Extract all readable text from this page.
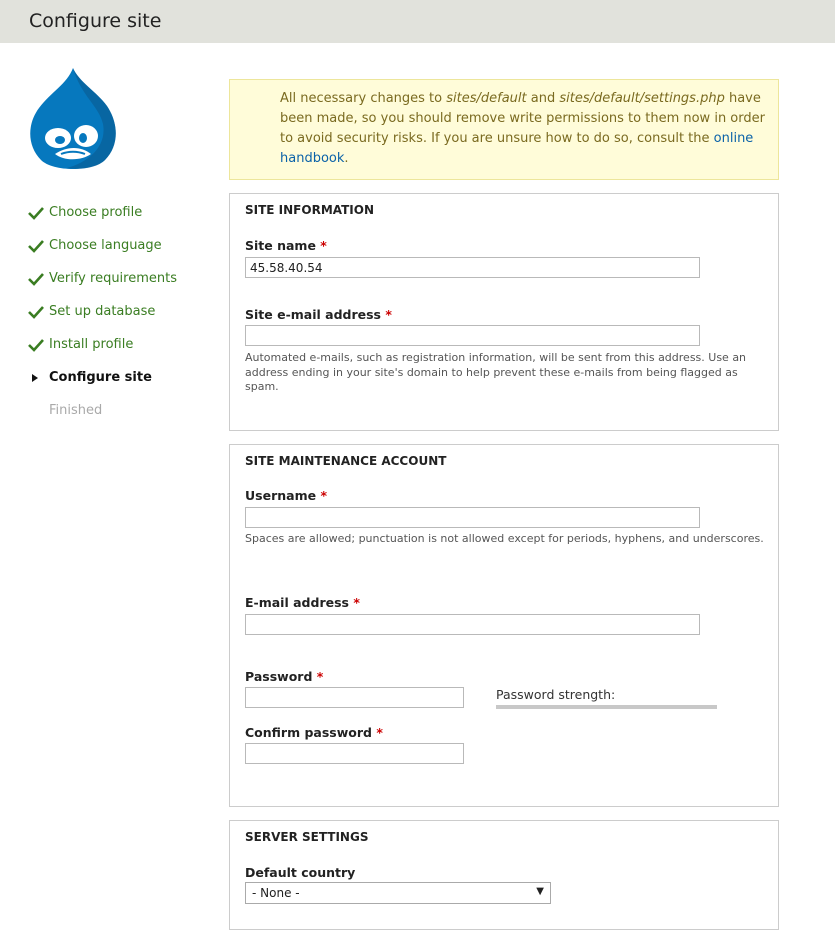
Configure site
Choose profile
Choose language
Verify requirements
Set up database
Install profile
Configure site
Finished
All necessary changes to sites/default and sites/default/settings.php have been made, so you should remove write permissions to them now in order to avoid security risks. If you are unsure how to do so, consult the online handbook.
SITE INFORMATION
Site name *
45.58.40.54
Site e-mail address *
Automated e-mails, such as registration information, will be sent from this address. Use an address ending in your site's domain to help prevent these e-mails from being flagged as spam.
SITE MAINTENANCE ACCOUNT
Username *
Spaces are allowed; punctuation is not allowed except for periods, hyphens, and underscores.
E-mail address *
Password *
Password strength:
Confirm password *
SERVER SETTINGS
Default country
- None -	▼
